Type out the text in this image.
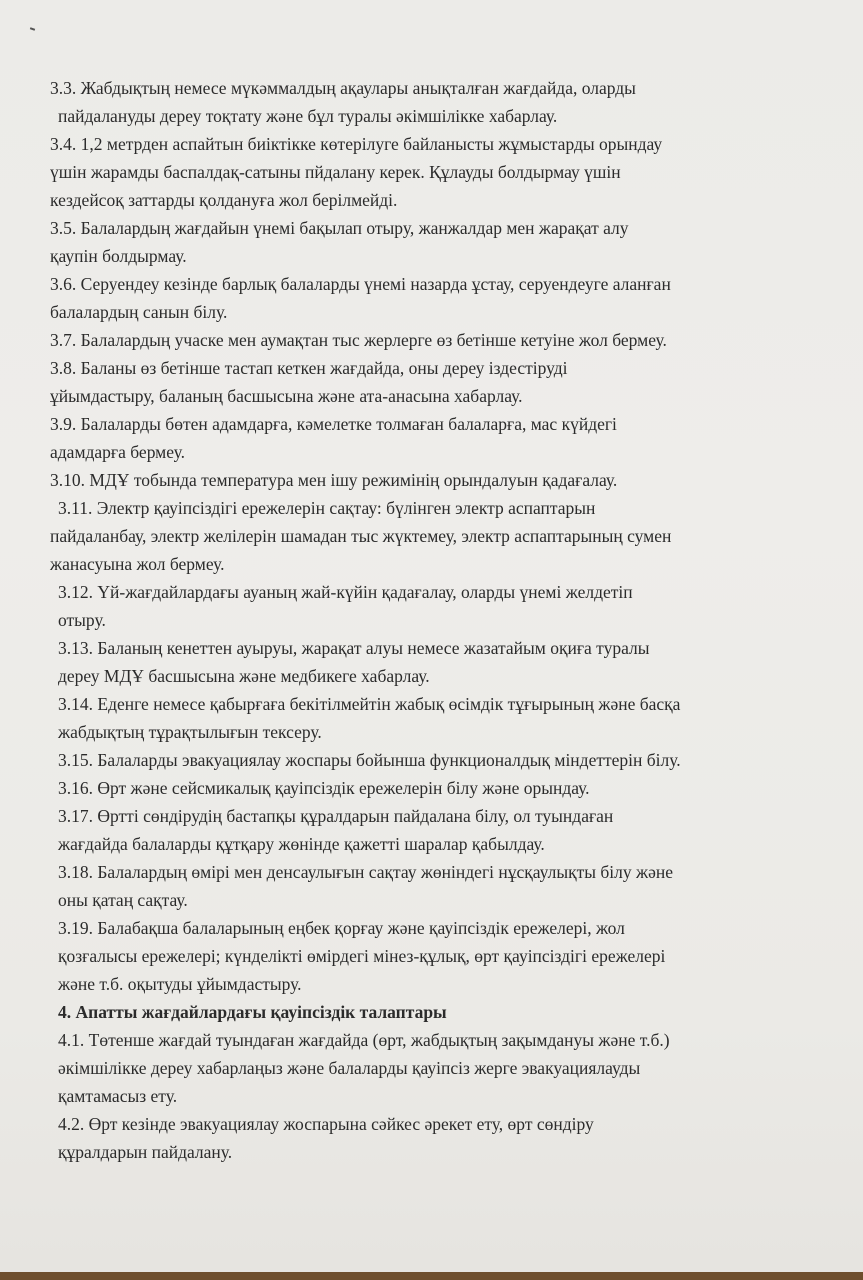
3.3. Жабдықтың немесе мүкәммалдың ақаулары анықталған жағдайда, оларды
пайдалануды дереу тоқтату және бұл туралы әкімшілікке хабарлау.
3.4. 1,2 метрден аспайтын биіктікке көтерілуге байланысты жұмыстарды орындау
үшін жарамды баспалдақ-сатыны пйдалану керек. Құлауды болдырмау үшін
кездейсоқ заттарды қолдануға жол берілмейді.
3.5. Балалардың жағдайын үнемі бақылап отыру, жанжалдар мен жарақат алу
қаупін болдырмау.
3.6. Серуендеу кезінде барлық балаларды үнемі назарда ұстау, серуендеуге аланған
балалардың санын білу.
3.7. Балалардың учаске мен аумақтан тыс жерлерге өз бетінше кетуіне жол бермеу.
3.8. Баланы өз бетінше тастап кеткен жағдайда, оны дереу іздестіруді
ұйымдастыру, баланың басшысына және ата-анасына хабарлау.
3.9. Балаларды бөтен адамдарға, кәмелетке толмаған балаларға, мас күйдегі
адамдарға бермеу.
3.10. МДҰ тобында температура мен ішу режимінің орындалуын қадағалау.
3.11. Электр қауіпсіздігі ережелерін сақтау: бүлінген электр аспаптарын
пайдаланбау, электр желілерін шамадан тыс жүктемеу, электр аспаптарының сумен
жанасуына жол бермеу.
3.12. Үй-жағдайлардағы ауаның жай-күйін қадағалау, оларды үнемі желдетіп
отыру.
3.13. Баланың кенеттен ауыруы, жарақат алуы немесе жазатайым оқиға туралы
дереу МДҰ басшысына және медбикеге хабарлау.
3.14. Еденге немесе қабырғаға бекітілмейтін жабық өсімдік тұғырының және басқа
жабдықтың тұрақтылығын тексеру.
3.15. Балаларды эвакуациялау жоспары бойынша функционалдық міндеттерін білу.
3.16. Өрт және сейсмикалық қауіпсіздік ережелерін білу және орындау.
3.17. Өртті сөндірудің бастапқы құралдарын пайдалана білу, ол туындаған
жағдайда балаларды құтқару жөнінде қажетті шаралар қабылдау.
3.18. Балалардың өмірі мен денсаулығын сақтау жөніндегі нұсқаулықты білу және
оны қатаң сақтау.
3.19. Балабақша балаларының еңбек қорғау және қауіпсіздік ережелері, жол
қозғалысы ережелері; күнделікті өмірдегі мінез-құлық, өрт қауіпсіздігі ережелері
және т.б. оқытуды ұйымдастыру.
4. Апатты жағдайлардағы қауіпсіздік талаптары
4.1. Төтенше жағдай туындаған жағдайда (өрт, жабдықтың зақымдануы және т.б.)
әкімшілікке дереу хабарлаңыз және балаларды қауіпсіз жерге эвакуациялауды
қамтамасыз ету.
4.2. Өрт кезінде эвакуациялау жоспарына сәйкес әрекет ету, өрт сөндіру
құралдарын пайдалану.
